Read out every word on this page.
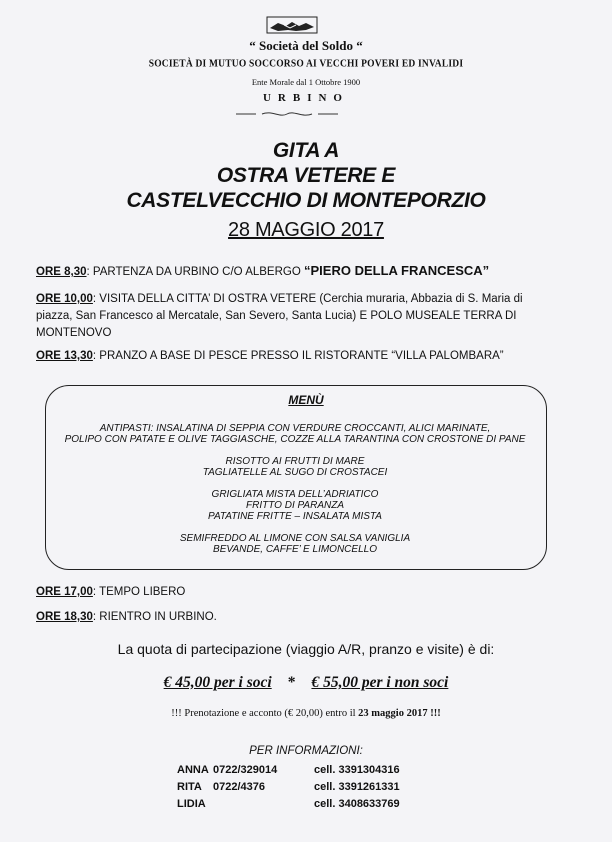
“ Società del Soldo “
SOCIETÀ DI MUTUO SOCCORSO AI VECCHI POVERI ED INVALIDI
Ente Morale dal 1 Ottobre 1900
URBINO
GITA A
OSTRA VETERE E
CASTELVECCHIO DI MONTEPORZIO
28 MAGGIO 2017
ORE 8,30: PARTENZA DA URBINO C/O ALBERGO “PIERO DELLA FRANCESCA”
ORE 10,00: VISITA DELLA CITTA’ DI OSTRA VETERE (Cerchia muraria, Abbazia di S. Maria di
piazza, San Francesco al Mercatale, San Severo, Santa Lucia) E POLO MUSEALE TERRA DI
MONTENOVO
ORE 13,30: PRANZO A BASE DI PESCE PRESSO IL RISTORANTE “VILLA PALOMBARA”
MENÙ
ANTIPASTI: INSALATINA DI SEPPIA CON VERDURE CROCCANTI, ALICI MARINATE,
POLIPO CON PATATE E OLIVE TAGGIASCHE, COZZE ALLA TARANTINA CON CROSTONE DI PANE
RISOTTO AI FRUTTI DI MARE
TAGLIATELLE AL SUGO DI CROSTACEI
GRIGLIATA MISTA DELL’ADRIATICO
FRITTO DI PARANZA
PATATINE FRITTE – INSALATA MISTA
SEMIFREDDO AL LIMONE CON SALSA VANIGLIA
BEVANDE, CAFFE’ E LIMONCELLO
ORE 17,00: TEMPO LIBERO
ORE 18,30: RIENTRO IN URBINO.
La quota di partecipazione (viaggio A/R, pranzo e visite) è di:
€ 45,00 per i soci * € 55,00 per i non soci
!!! Prenotazione e acconto (€ 20,00) entro il 23 maggio 2017 !!!
PER INFORMAZIONI:
ANNA 0722/329014	cell. 3391304316
RITA 0722/4376	cell. 3391261331
LIDIA	cell. 3408633769
